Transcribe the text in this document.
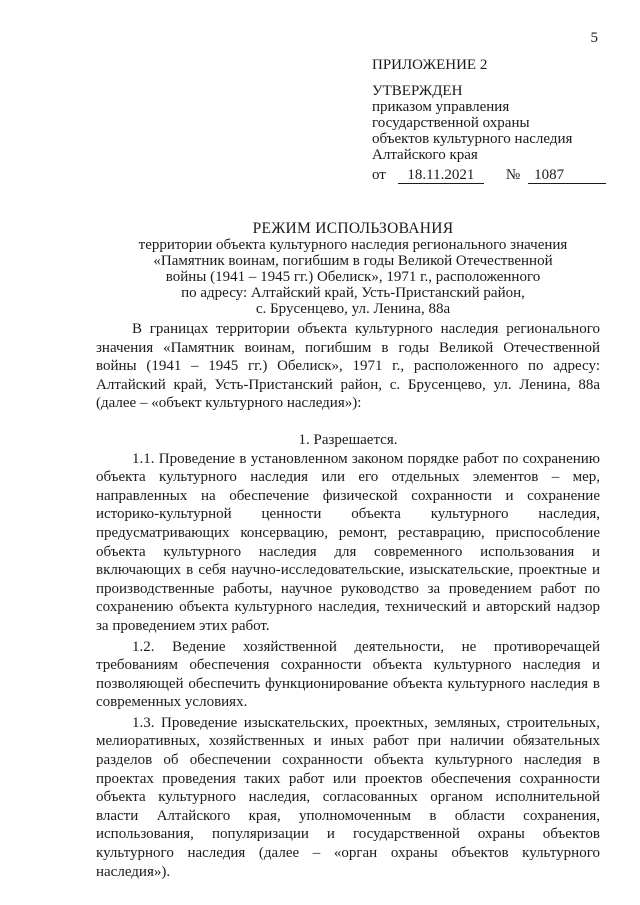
5
ПРИЛОЖЕНИЕ 2
УТВЕРЖДЕН
приказом управления
государственной охраны
объектов культурного наследия
Алтайского края
от	18.11.2021	№ 1087
РЕЖИМ ИСПОЛЬЗОВАНИЯ
территории объекта культурного наследия регионального значения
«Памятник воинам, погибшим в годы Великой Отечественной
войны (1941 – 1945 гг.) Обелиск», 1971 г., расположенного
по адресу: Алтайский край, Усть-Пристанский район,
с. Брусенцево, ул. Ленина, 88а

В границах территории объекта культурного наследия регионального значения «Памятник воинам, погибшим в годы Великой Отечественной войны (1941 – 1945 гг.) Обелиск», 1971 г., расположенного по адресу: Алтайский край, Усть-Пристанский район, с. Брусенцево, ул. Ленина, 88а (далее – «объект культурного наследия»):

1. Разрешается.

1.1. Проведение в установленном законом порядке работ по сохранению объекта культурного наследия или его отдельных элементов – мер, направленных на обеспечение физической сохранности и сохранение историко-культурной ценности объекта культурного наследия, предусматривающих консервацию, ремонт, реставрацию, приспособление объекта культурного наследия для современного использования и включающих в себя научно-исследовательские, изыскательские, проектные и производственные работы, научное руководство за проведением работ по сохранению объекта культурного наследия, технический и авторский надзор за проведением этих работ.

1.2. Ведение хозяйственной деятельности, не противоречащей требованиям обеспечения сохранности объекта культурного наследия и позволяющей обеспечить функционирование объекта культурного наследия в современных условиях.

1.3. Проведение изыскательских, проектных, земляных, строительных, мелиоративных, хозяйственных и иных работ при наличии обязательных разделов об обеспечении сохранности объекта культурного наследия в проектах проведения таких работ или проектов обеспечения сохранности объекта культурного наследия, согласованных органом исполнительной власти Алтайского края, уполномоченным в области сохранения, использования, популяризации и государственной охраны объектов культурного наследия (далее – «орган охраны объектов культурного наследия»).
